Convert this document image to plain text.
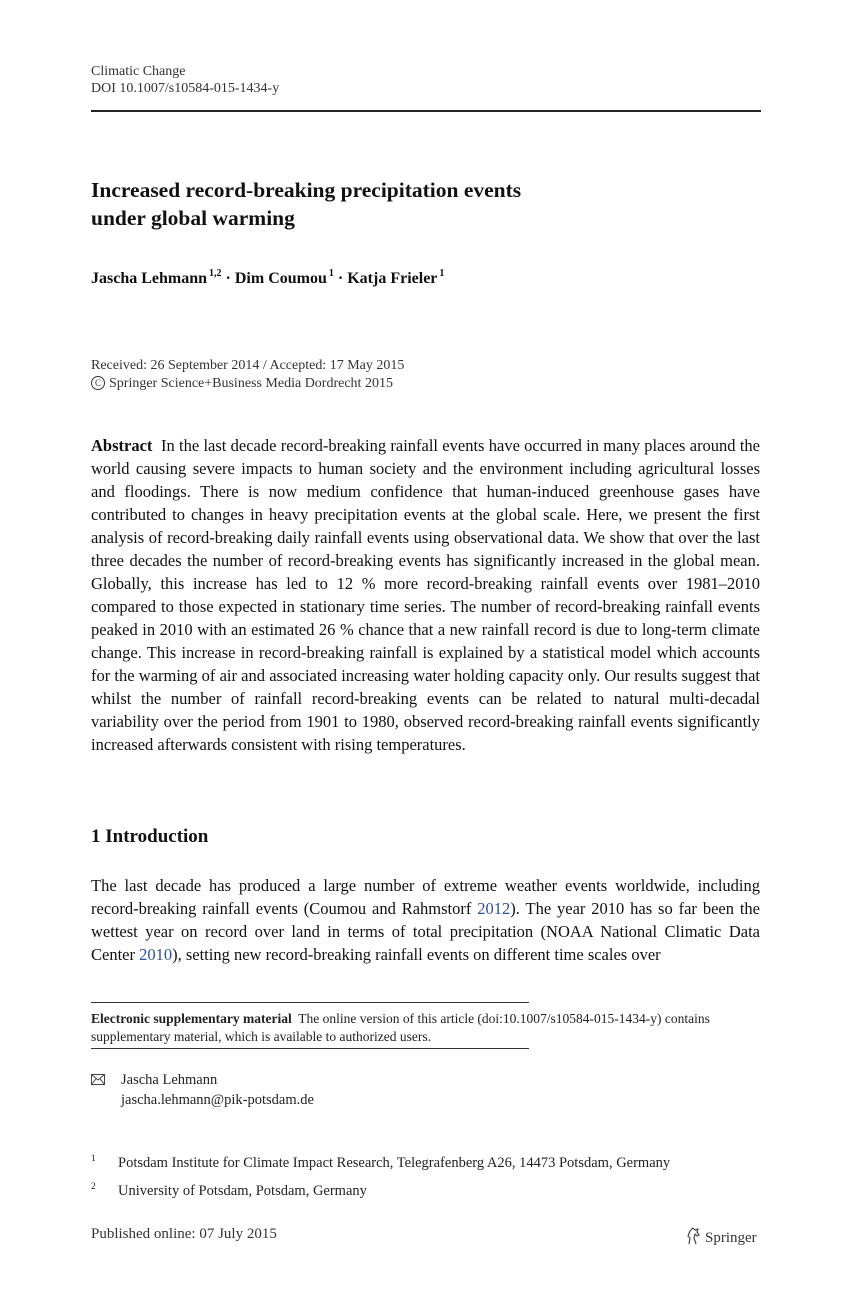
Climatic Change
DOI 10.1007/s10584-015-1434-y
Increased record-breaking precipitation events
under global warming
Jascha Lehmann $^{1,2}$ · Dim Coumou $^1$ · Katja Frieler $^1$
Received: 26 September 2014 / Accepted: 17 May 2015
C Springer Science+Business Media Dordrecht 2015
Abstract In the last decade record-breaking rainfall events have occurred in many places around the world causing severe impacts to human society and the environment including agricultural losses and floodings. There is now medium confidence that human-induced greenhouse gases have contributed to changes in heavy precipitation events at the global scale. Here, we present the first analysis of record-breaking daily rainfall events using observational data. We show that over the last three decades the number of record-breaking events has significantly increased in the global mean. Globally, this increase has led to 12 % more record-breaking rainfall events over 1981–2010 compared to those expected in stationary time series. The number of record-breaking rainfall events peaked in 2010 with an estimated 26 % chance that a new rainfall record is due to long-term climate change. This increase in record-breaking rainfall is explained by a statistical model which accounts for the warming of air and associated increasing water holding capacity only. Our results suggest that whilst the number of rainfall record-breaking events can be related to natural multi-decadal variability over the period from 1901 to 1980, observed record-breaking rainfall events significantly increased afterwards consistent with rising temperatures.
1 Introduction
The last decade has produced a large number of extreme weather events worldwide, including record-breaking rainfall events (Coumou and Rahmstorf 2012). The year 2010 has so far been the wettest year on record over land in terms of total precipitation (NOAA National Climatic Data Center 2010), setting new record-breaking rainfall events on different time scales over
Electronic supplementary material The online version of this article (doi:10.1007/s10584-015-1434-y) contains supplementary material, which is available to authorized users.
Jascha Lehmann
jascha.lehmann@pik-potsdam.de
1 Potsdam Institute for Climate Impact Research, Telegrafenberg A26, 14473 Potsdam, Germany
2 University of Potsdam, Potsdam, Germany
Published online: 07 July 2015	Springer
